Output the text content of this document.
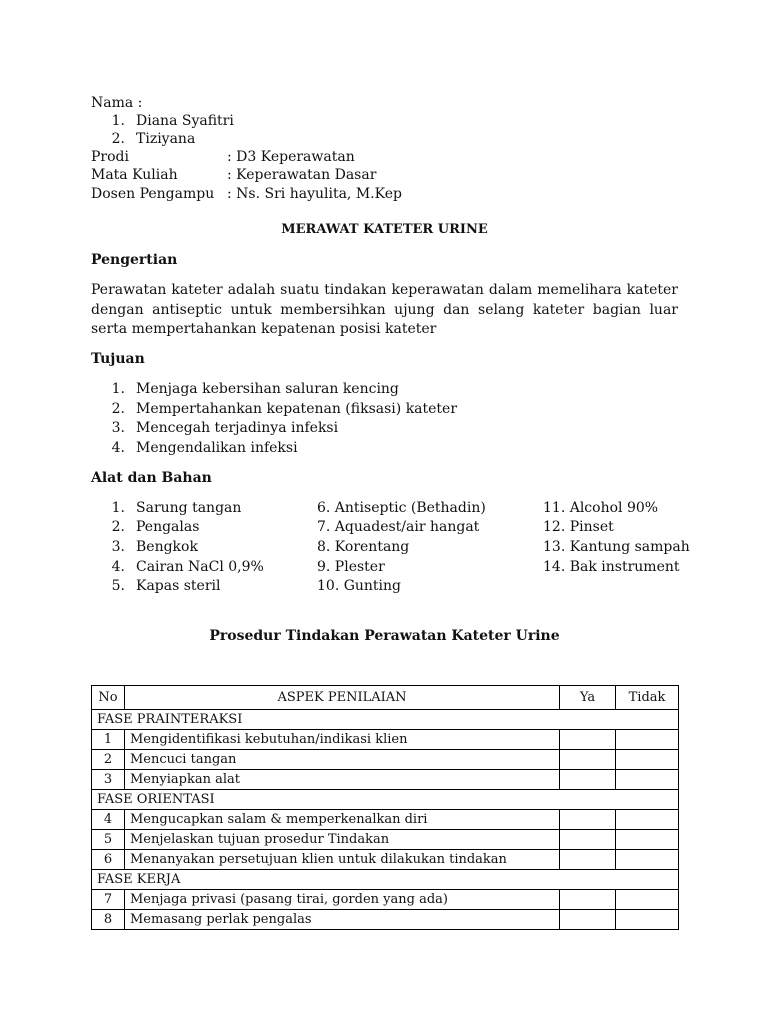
Nama :
1. Diana Syafitri
2. Tiziyana
Prodi	: D3 Keperawatan
Mata Kuliah	: Keperawatan Dasar
Dosen Pengampu : Ns. Sri hayulita, M.Kep
MERAWAT KATETER URINE
Pengertian
Perawatan kateter adalah suatu tindakan keperawatan dalam memelihara kateter dengan antiseptic untuk membersihkan ujung dan selang kateter bagian luar serta mempertahankan kepatenan posisi kateter
Tujuan
1. Menjaga kebersihan saluran kencing
2. Mempertahankan kepatenan (fiksasi) kateter
3. Mencegah terjadinya infeksi
4. Mengendalikan infeksi
Alat dan Bahan
1. Sarung tangan
2. Pengalas
3. Bengkok
4. Cairan NaCl 0,9%
5. Kapas steril
6. Antiseptic (Bethadin)
7. Aquadest/air hangat
8. Korentang
9. Plester
10. Gunting
11. Alcohol 90%
12. Pinset
13. Kantung sampah
14. Bak instrument
Prosedur Tindakan Perawatan Kateter Urine
No	ASPEK PENILAIAN	Ya	Tidak
FASE PRAINTERAKSI			
1	Mengidentifikasi kebutuhan/indikasi klien		
2	Mencuci tangan		
3	Menyiapkan alat		
FASE ORIENTASI			
4	Mengucapkan salam & memperkenalkan diri		
5	Menjelaskan tujuan prosedur Tindakan		
6	Menanyakan persetujuan klien untuk dilakukan tindakan		
FASE KERJA			
7	Menjaga privasi (pasang tirai, gorden yang ada)		
8	Memasang perlak pengalas		
